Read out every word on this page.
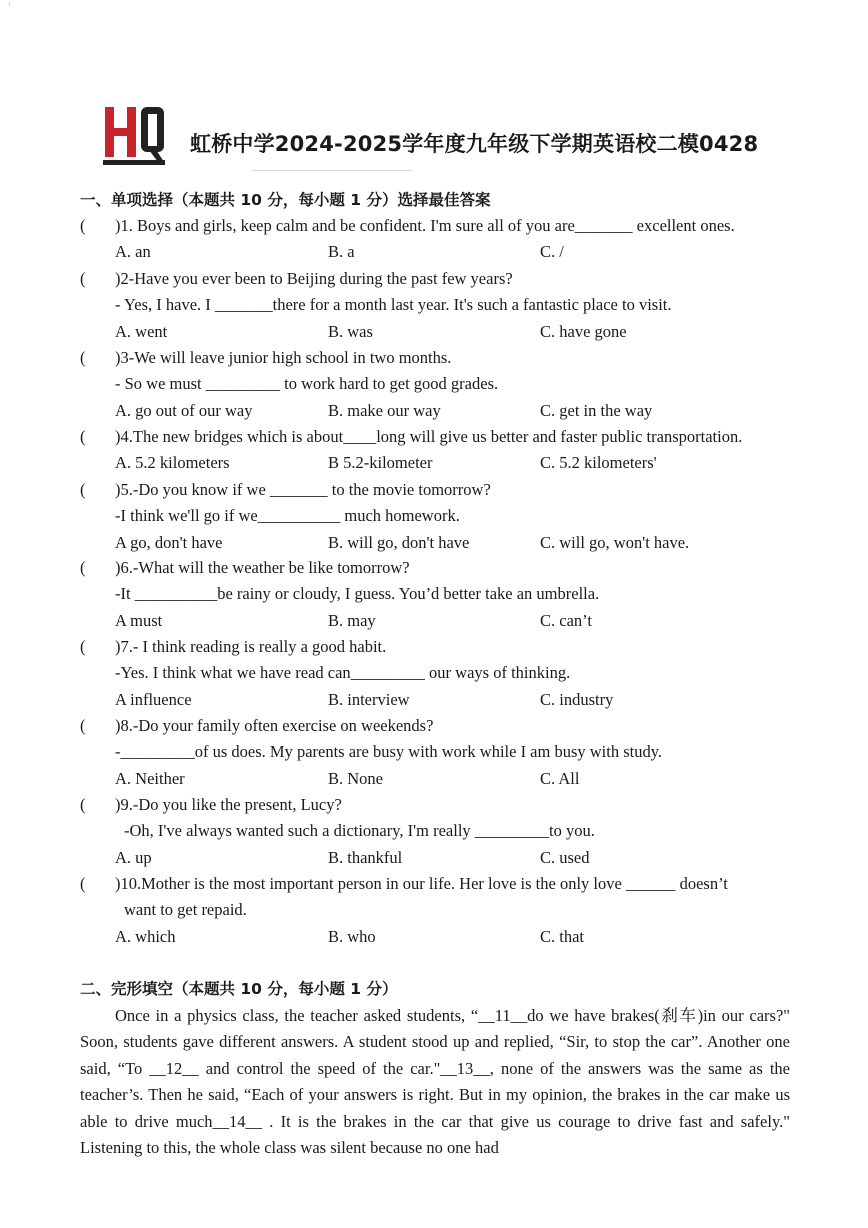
'
虹桥中学2024-2025学年度九年级下学期英语校二模0428
一、单项选择（本题共 10 分，每小题 1 分）选择最佳答案
( )1. Boys and girls, keep calm and be confident. I'm sure all of you are_______ excellent ones.
A. an	B. a	C. /
( )2-Have you ever been to Beijing during the past few years?
- Yes, I have. I _______there for a month last year. It's such a fantastic place to visit.
A. went	B. was	C. have gone
( )3-We will leave junior high school in two months.
- So we must _________ to work hard to get good grades.
A. go out of our way	B. make our way	C. get in the way
( )4.The new bridges which is about____long will give us better and faster public transportation.
A. 5.2 kilometers	B 5.2-kilometer	C. 5.2 kilometers'
( )5.-Do you know if we _______ to the movie tomorrow?
-I think we'll go if we__________ much homework.
A go, don't have	B. will go, don't have	C. will go, won't have.
( )6.-What will the weather be like tomorrow?
-It __________be rainy or cloudy, I guess. You’d better take an umbrella.
A must	B. may	C. can’t
( )7.- I think reading is really a good habit.
-Yes. I think what we have read can_________ our ways of thinking.
A influence	B. interview	C. industry
( )8.-Do your family often exercise on weekends?
-_________of us does. My parents are busy with work while I am busy with study.
A. Neither	B. None	C. All
( )9.-Do you like the present, Lucy?
-Oh, I've always wanted such a dictionary, I'm really _________to you.
A. up	B. thankful	C. used
( )10.Mother is the most important person in our life. Her love is the only love ______ doesn’t
want to get repaid.
A. which	B. who	C. that
二、完形填空（本题共 10 分，每小题 1 分）

Once in a physics class, the teacher asked students, “__11__do we have brakes(刹车)in our cars?" Soon, students gave different answers. A student stood up and replied, “Sir, to stop the car”. Another one said, “To __12__ and control the speed of the car."__13__, none of the answers was the same as the teacher’s. Then he said, “Each of your answers is right. But in my opinion, the brakes in the car make us able to drive much__14__ . It is the brakes in the car that give us courage to drive fast and safely." Listening to this, the whole class was silent because no one had
